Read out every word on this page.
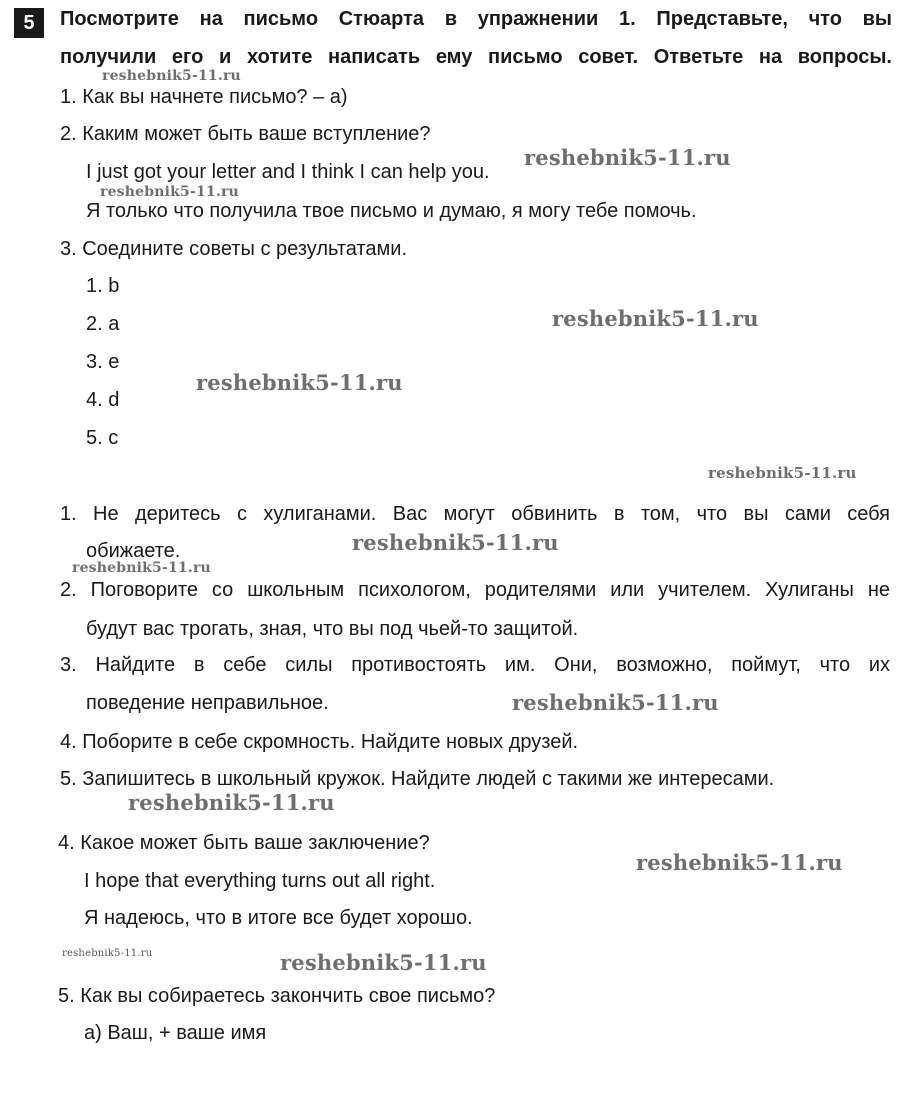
5	Посмотрите на письмо Стюарта в упражнении 1. Представьте, что вы
получили его и хотите написать ему письмо совет. Ответьте на вопросы.
1. Как вы начнете письмо? – a)
2. Каким может быть ваше вступление?
I just got your letter and I think I can help you.
Я только что получила твое письмо и думаю, я могу тебе помочь.
3. Соедините советы с результатами.
1. b
2. a
3. e
4. d
5. c
1. Не деритесь с хулиганами. Вас могут обвинить в том, что вы сами себя
обижаете.
2. Поговорите со школьным психологом, родителями или учителем. Хулиганы не
будут вас трогать, зная, что вы под чьей-то защитой.
3. Найдите в себе силы противостоять им. Они, возможно, поймут, что их
поведение неправильное.
4. Поборите в себе скромность. Найдите новых друзей.
5. Запишитесь в школьный кружок. Найдите людей с такими же интересами.
4. Какое может быть ваше заключение?
I hope that everything turns out all right.
Я надеюсь, что в итоге все будет хорошо.
5. Как вы собираетесь закончить свое письмо?
a) Ваш, + ваше имя
reshebnik5-11.ru
reshebnik5-11.ru
reshebnik5-11.ru
reshebnik5-11.ru
reshebnik5-11.ru
reshebnik5-11.ru
reshebnik5-11.ru
reshebnik5-11.ru
reshebnik5-11.ru
reshebnik5-11.ru
reshebnik5-11.ru
reshebnik5-11.ru	reshebnik5-11.ru
